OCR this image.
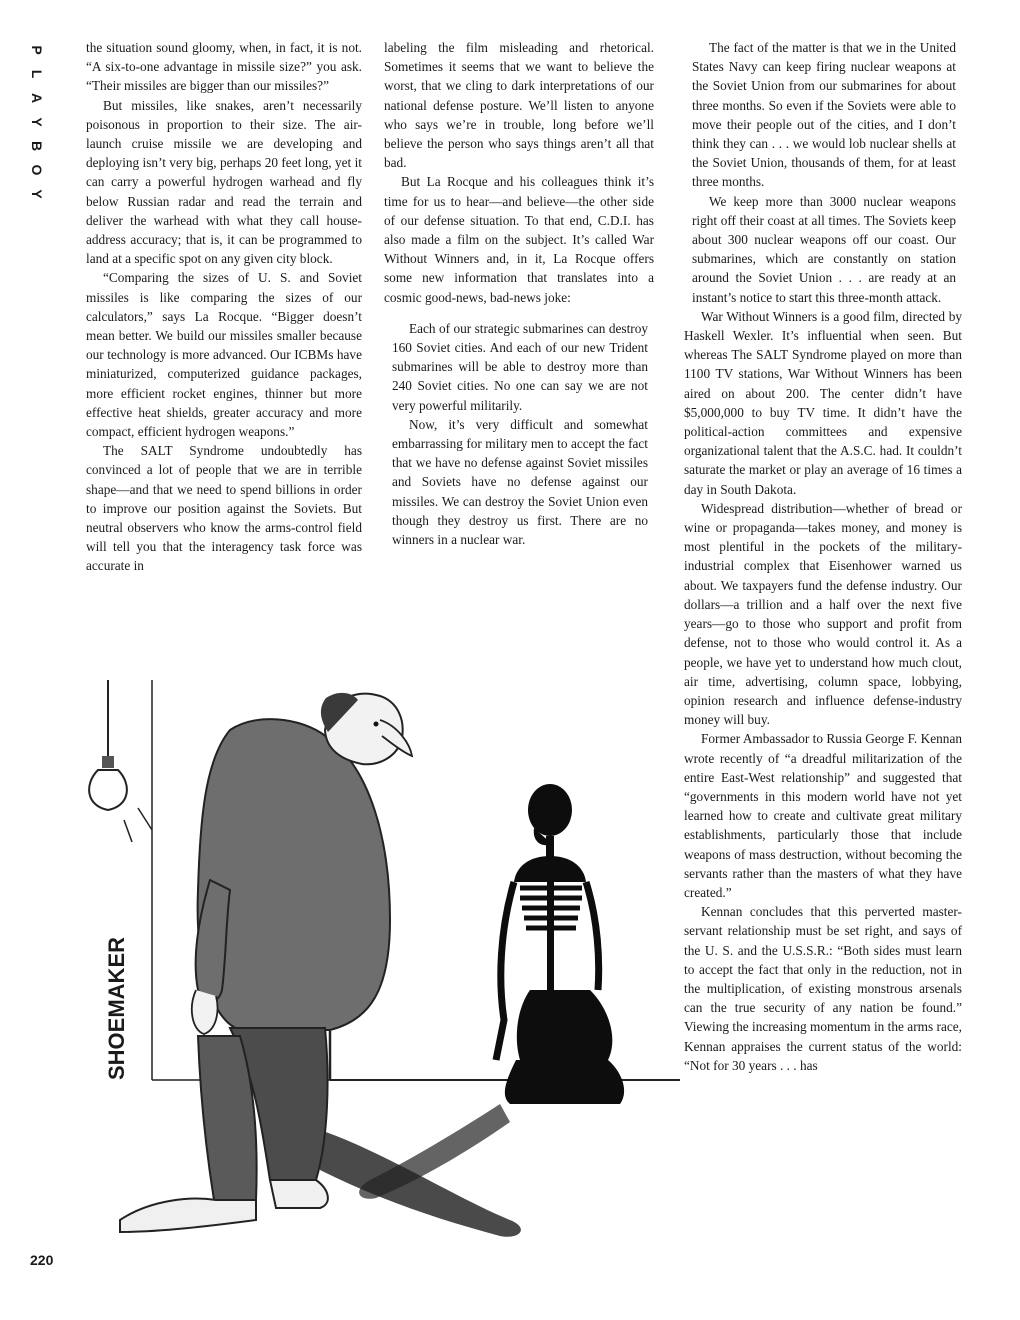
P
L
A
Y
B
O
Y

the situation sound gloomy, when, in fact, it is not. “A six-to-one advantage in missile size?” you ask. “Their missiles are bigger than our missiles?”

But missiles, like snakes, aren’t necessarily poisonous in proportion to their size. The air-launch cruise missile we are developing and deploying isn’t very big, perhaps 20 feet long, yet it can carry a powerful hydrogen warhead and fly below Russian radar and read the terrain and deliver the warhead with what they call house-address accuracy; that is, it can be programmed to land at a specific spot on any given city block.

“Comparing the sizes of U. S. and Soviet missiles is like comparing the sizes of our calculators,” says La Rocque. “Bigger doesn’t mean better. We build our missiles smaller because our technology is more advanced. Our ICBMs have miniaturized, computerized guidance packages, more efficient rocket engines, thinner but more effective heat shields, greater accuracy and more compact, efficient hydrogen weapons.”

The SALT Syndrome undoubtedly has convinced a lot of people that we are in terrible shape—and that we need to spend billions in order to improve our position against the Soviets. But neutral observers who know the arms-control field will tell you that the interagency task force was accurate in

labeling the film misleading and rhetorical. Sometimes it seems that we want to believe the worst, that we cling to dark interpretations of our national defense posture. We’ll listen to anyone who says we’re in trouble, long before we’ll believe the person who says things aren’t all that bad.

But La Rocque and his colleagues think it’s time for us to hear—and believe—the other side of our defense situation. To that end, C.D.I. has also made a film on the subject. It’s called War Without Winners and, in it, La Rocque offers some new information that translates into a cosmic good-news, bad-news joke:

Each of our strategic submarines can destroy 160 Soviet cities. And each of our new Trident submarines will be able to destroy more than 240 Soviet cities. No one can say we are not very powerful militarily.

Now, it’s very difficult and somewhat embarrassing for military men to accept the fact that we have no defense against Soviet missiles and Soviets have no defense against our missiles. We can destroy the Soviet Union even though they destroy us first. There are no winners in a nuclear war.

The fact of the matter is that we in the United States Navy can keep firing nuclear weapons at the Soviet Union from our submarines for about three months. So even if the Soviets were able to move their people out of the cities, and I don’t think they can . . . we would lob nuclear shells at the Soviet Union, thousands of them, for at least three months.

We keep more than 3000 nuclear weapons right off their coast at all times. The Soviets keep about 300 nuclear weapons off our coast. Our submarines, which are constantly on station around the Soviet Union . . . are ready at an instant’s notice to start this three-month attack.

War Without Winners is a good film, directed by Haskell Wexler. It’s influential when seen. But whereas The SALT Syndrome played on more than 1100 TV stations, War Without Winners has been aired on about 200. The center didn’t have $5,000,000 to buy TV time. It didn’t have the political-action committees and expensive organizational talent that the A.S.C. had. It couldn’t saturate the market or play an average of 16 times a day in South Dakota.

Widespread distribution—whether of bread or wine or propaganda—takes money, and money is most plentiful in the pockets of the military-industrial complex that Eisenhower warned us about. We taxpayers fund the defense industry. Our dollars—a trillion and a half over the next five years—go to those who support and profit from defense, not to those who would control it. As a people, we have yet to understand how much clout, air time, advertising, column space, lobbying, opinion research and influence defense-industry money will buy.

Former Ambassador to Russia George F. Kennan wrote recently of “a dreadful militarization of the entire East-West relationship” and suggested that “governments in this modern world have not yet learned how to create and cultivate great military establishments, particularly those that include weapons of mass destruction, without becoming the servants rather than the masters of what they have created.”

Kennan concludes that this perverted master-servant relationship must be set right, and says of the U. S. and the U.S.S.R.: “Both sides must learn to accept the fact that only in the reduction, not in the multiplication, of existing monstrous arsenals can the true security of any nation be found.” Viewing the increasing momentum in the arms race, Kennan appraises the current status of the world: “Not for 30 years . . . has

SHOEMAKER
220
